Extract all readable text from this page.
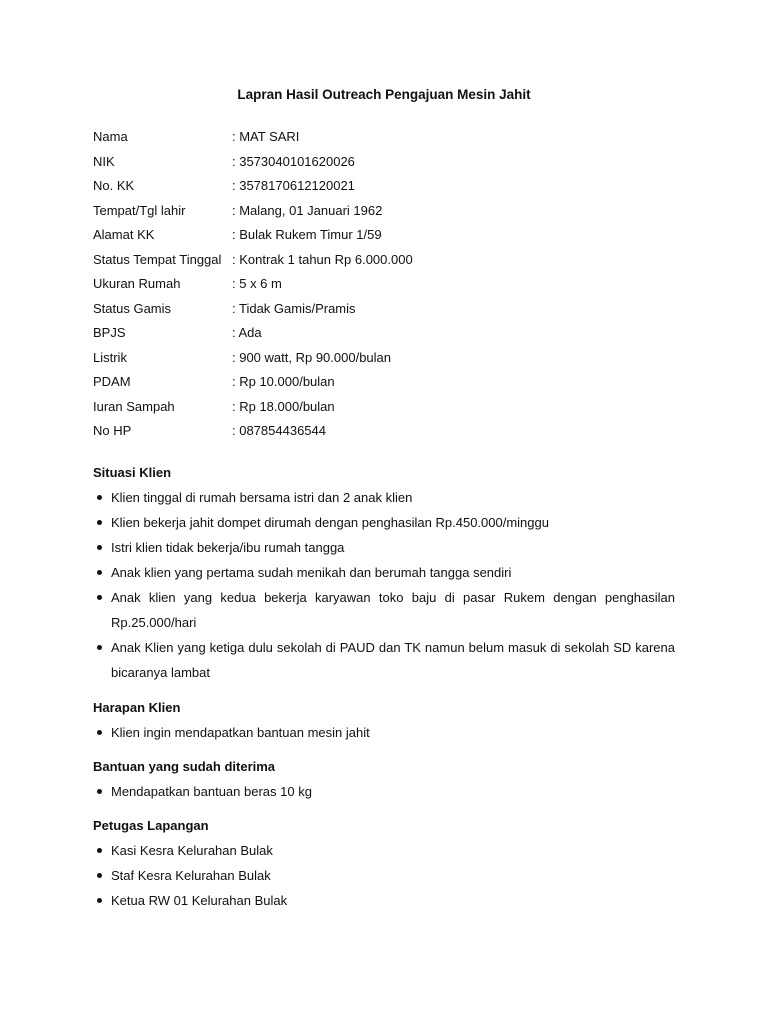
Lapran Hasil Outreach Pengajuan Mesin Jahit
Nama	: MAT SARI
NIK	: 3573040101620026
No. KK	: 3578170612120021
Tempat/Tgl lahir	: Malang, 01 Januari 1962
Alamat KK	: Bulak Rukem Timur 1/59
Status Tempat Tinggal : Kontrak 1 tahun Rp 6.000.000
Ukuran Rumah	: 5 x 6 m
Status Gamis	: Tidak Gamis/Pramis
BPJS	: Ada
Listrik	: 900 watt, Rp 90.000/bulan
PDAM	: Rp 10.000/bulan
Iuran Sampah	: Rp 18.000/bulan
No HP	: 087854436544
Situasi Klien
Klien tinggal di rumah bersama istri dan 2 anak klien
Klien bekerja jahit dompet dirumah dengan penghasilan Rp.450.000/minggu
Istri klien tidak bekerja/ibu rumah tangga
Anak klien yang pertama sudah menikah dan berumah tangga sendiri
Anak klien yang kedua bekerja karyawan toko baju di pasar Rukem dengan penghasilan Rp.25.000/hari
Anak Klien yang ketiga dulu sekolah di PAUD dan TK namun belum masuk di sekolah SD karena bicaranya lambat
Harapan Klien
Klien ingin mendapatkan bantuan mesin jahit
Bantuan yang sudah diterima
Mendapatkan bantuan beras 10 kg
Petugas Lapangan
Kasi Kesra Kelurahan Bulak
Staf Kesra Kelurahan Bulak
Ketua RW 01 Kelurahan Bulak
